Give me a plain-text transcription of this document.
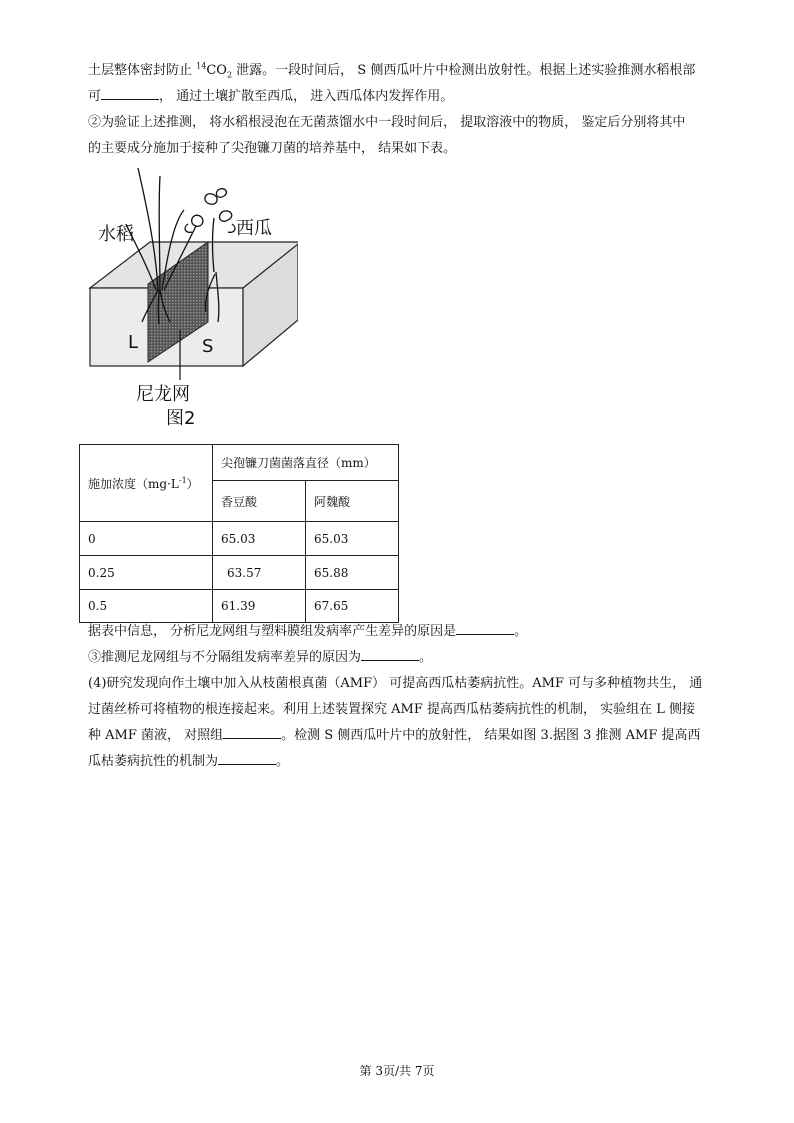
土层整体密封防止 $^{14}CO_2$ 泄露。一段时间后， S 侧西瓜叶片中检测出放射性。根据上述实验推测水稻根部
可	， 通过土壤扩散至西瓜， 进入西瓜体内发挥作用。

②为验证上述推测， 将水稻根浸泡在无菌蒸馏水中一段时间后， 提取溶液中的物质， 鉴定后分别将其中
的主要成分施加于接种了尖孢镰刀菌的培养基中， 结果如下表。

水稻	西瓜
L	S
尼龙网
图2
施加浓度$(mg\cdot L^{-1})$	尖孢镰刀菌菌落直径（mm）	
	香豆酸	阿魏酸
0	65.03	65.03
0.25	63.57	65.88
0.5	61.39	67.65

据表中信息， 分析尼龙网组与塑料膜组发病率产生差异的原因是	。
③推测尼龙网组与不分隔组发病率差异的原因为	。

(4)研究发现向作土壤中加入从枝菌根真菌（AMF） 可提高西瓜枯萎病抗性。AMF 可与多种植物共生， 通
过菌丝桥可将植物的根连接起来。利用上述装置探究 AMF 提高西瓜枯萎病抗性的机制， 实验组在 L 侧接
种 AMF 菌液， 对照组	。检测 S 侧西瓜叶片中的放射性， 结果如图 3.据图 3 推测 AMF 提高西
瓜枯萎病抗性的机制为	。

第 3页/共 7页
